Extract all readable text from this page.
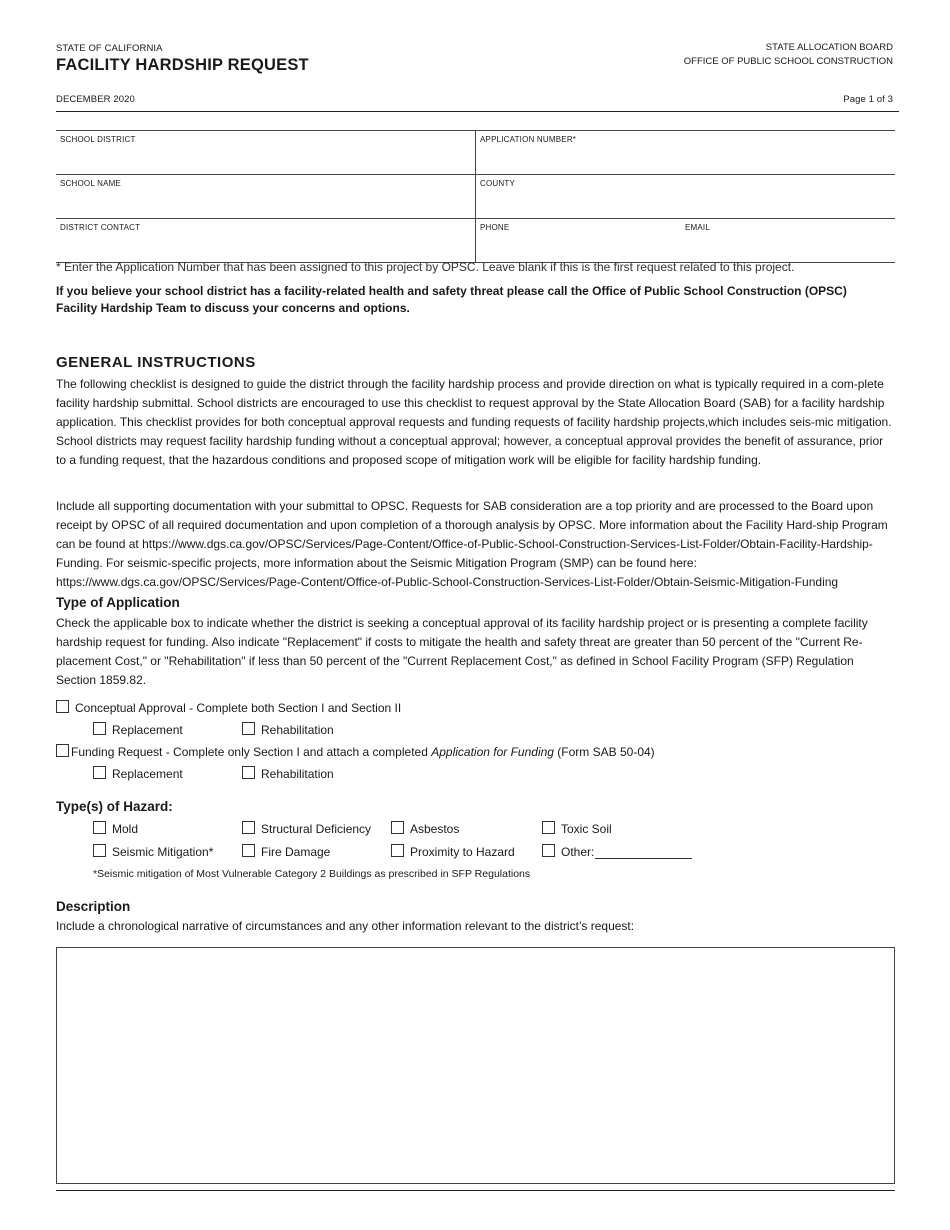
STATE OF CALIFORNIA
FACILITY HARDSHIP REQUEST
DECEMBER 2020
STATE ALLOCATION BOARD
OFFICE OF PUBLIC SCHOOL CONSTRUCTION
Page 1 of 3
SCHOOL DISTRICT	APPLICATION NUMBER*
SCHOOL NAME	COUNTY
DISTRICT CONTACT	PHONE EMAIL
* Enter the Application Number that has been assigned to this project by OPSC. Leave blank if this is the first request related to this project.
If you believe your school district has a facility-related health and safety threat please call the Office of Public School Construction (OPSC) Facility Hardship Team to discuss your concerns and options.
GENERAL INSTRUCTIONS
The following checklist is designed to guide the district through the facility hardship process and provide direction on what is typically required in a com-plete facility hardship submittal. School districts are encouraged to use this checklist to request approval by the State Allocation Board (SAB) for a facility hardship application. This checklist provides for both conceptual approval requests and funding requests of facility hardship projects,which includes seis-mic mitigation. School districts may request facility hardship funding without a conceptual approval; however, a conceptual approval provides the benefit of assurance, prior to a funding request, that the hazardous conditions and proposed scope of mitigation work will be eligible for facility hardship funding.
Include all supporting documentation with your submittal to OPSC. Requests for SAB consideration are a top priority and are processed to the Board upon receipt by OPSC of all required documentation and upon completion of a thorough analysis by OPSC. More information about the Facility Hard-ship Program can be found at https://www.dgs.ca.gov/OPSC/Services/Page-Content/Office-of-Public-School-Construction-Services-List-Folder/Obtain-Facility-Hardship-Funding. For seismic-specific projects, more information about the Seismic Mitigation Program (SMP) can be found here: https://www.dgs.ca.gov/OPSC/Services/Page-Content/Office-of-Public-School-Construction-Services-List-Folder/Obtain-Seismic-Mitigation-Funding
Type of Application
Check the applicable box to indicate whether the district is seeking a conceptual approval of its facility hardship project or is presenting a complete facility hardship request for funding. Also indicate "Replacement" if costs to mitigate the health and safety threat are greater than 50 percent of the "Current Re-placement Cost," or "Rehabilitation" if less than 50 percent of the "Current Replacement Cost," as defined in School Facility Program (SFP) Regulation Section 1859.82.
Conceptual Approval - Complete both Section I and Section II
Replacement	Rehabilitation
Funding Request - Complete only Section I and attach a completed Application for Funding (Form SAB 50-04)
Replacement	Rehabilitation
Type(s) of Hazard:
Mold	Structural Deficiency	Asbestos	Toxic Soil
Seismic Mitigation*	Fire Damage	Proximity to Hazard	Other:
*Seismic mitigation of Most Vulnerable Category 2 Buildings as prescribed in SFP Regulations
Description
Include a chronological narrative of circumstances and any other information relevant to the district’s request:
